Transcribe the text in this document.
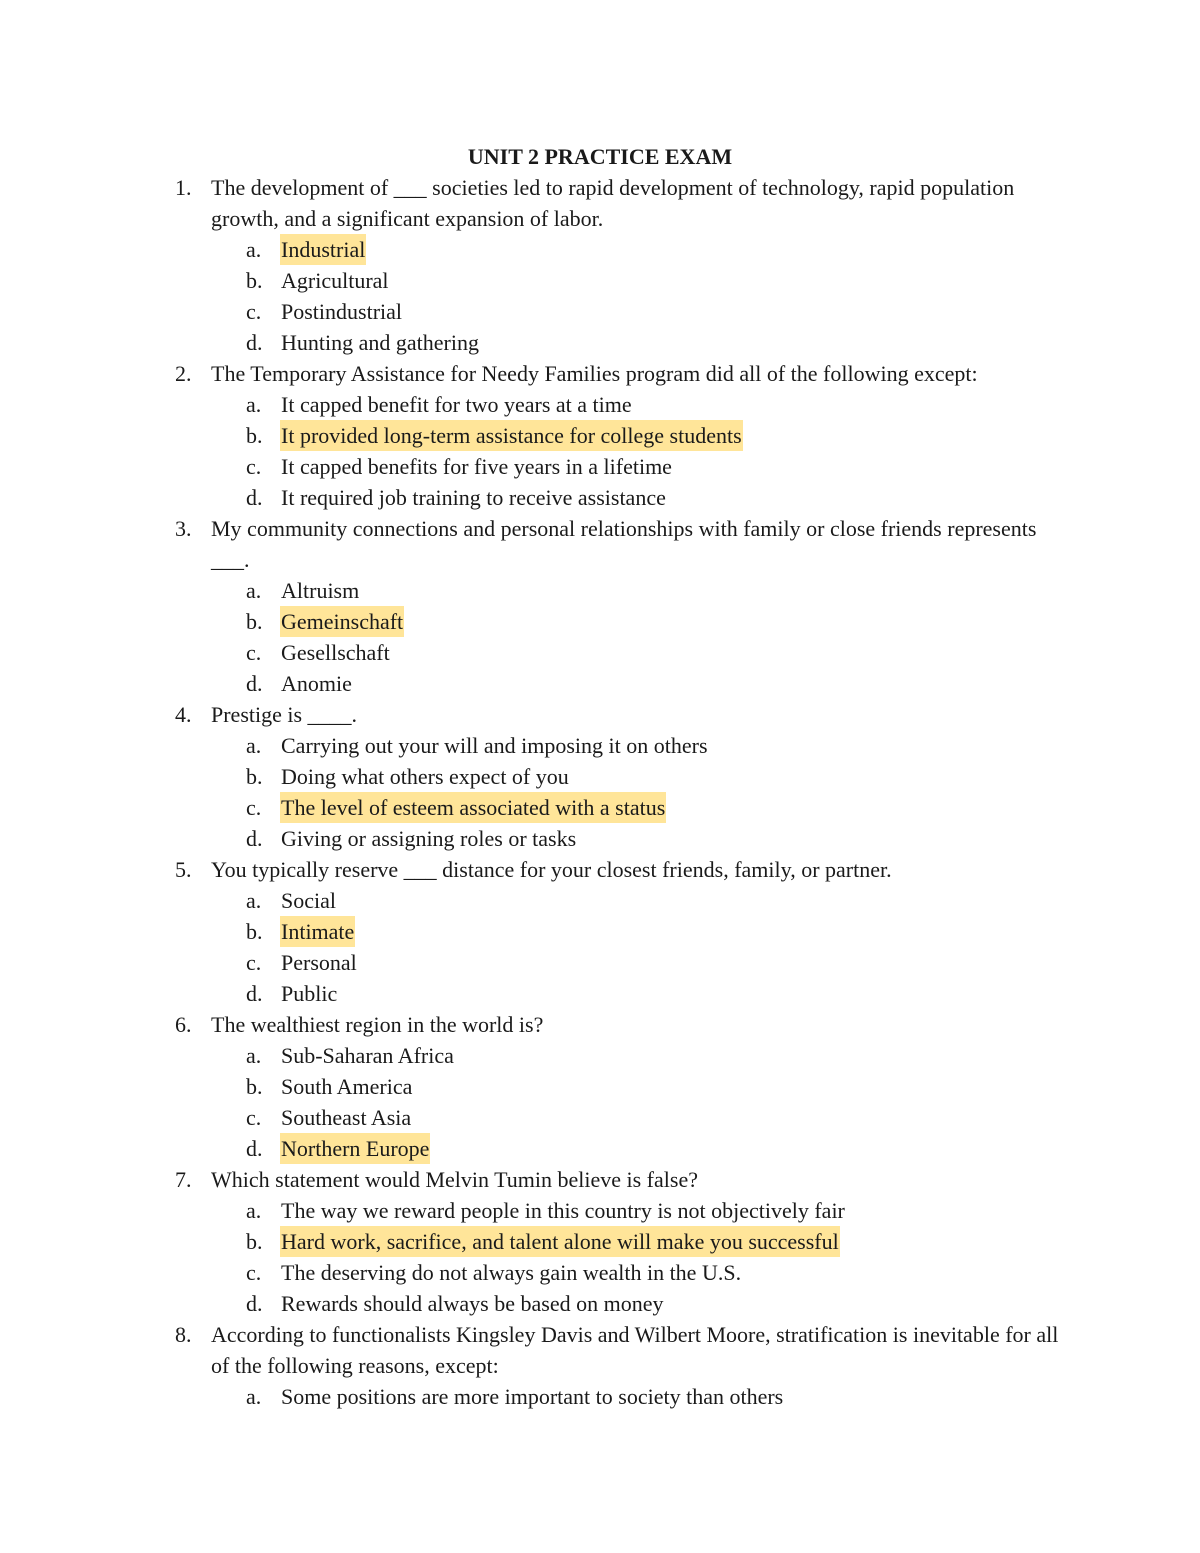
UNIT 2 PRACTICE EXAM
1. The development of ___ societies led to rapid development of technology, rapid population growth, and a significant expansion of labor.
a. Industrial
b. Agricultural
c. Postindustrial
d. Hunting and gathering
2. The Temporary Assistance for Needy Families program did all of the following except:
a. It capped benefit for two years at a time
b. It provided long-term assistance for college students
c. It capped benefits for five years in a lifetime
d. It required job training to receive assistance
3. My community connections and personal relationships with family or close friends represents ___.
a. Altruism
b. Gemeinschaft
c. Gesellschaft
d. Anomie
4. Prestige is ____.
a. Carrying out your will and imposing it on others
b. Doing what others expect of you
c. The level of esteem associated with a status
d. Giving or assigning roles or tasks
5. You typically reserve ___ distance for your closest friends, family, or partner.
a. Social
b. Intimate
c. Personal
d. Public
6. The wealthiest region in the world is?
a. Sub-Saharan Africa
b. South America
c. Southeast Asia
d. Northern Europe
7. Which statement would Melvin Tumin believe is false?
a. The way we reward people in this country is not objectively fair
b. Hard work, sacrifice, and talent alone will make you successful
c. The deserving do not always gain wealth in the U.S.
d. Rewards should always be based on money
8. According to functionalists Kingsley Davis and Wilbert Moore, stratification is inevitable for all of the following reasons, except:
a. Some positions are more important to society than others
